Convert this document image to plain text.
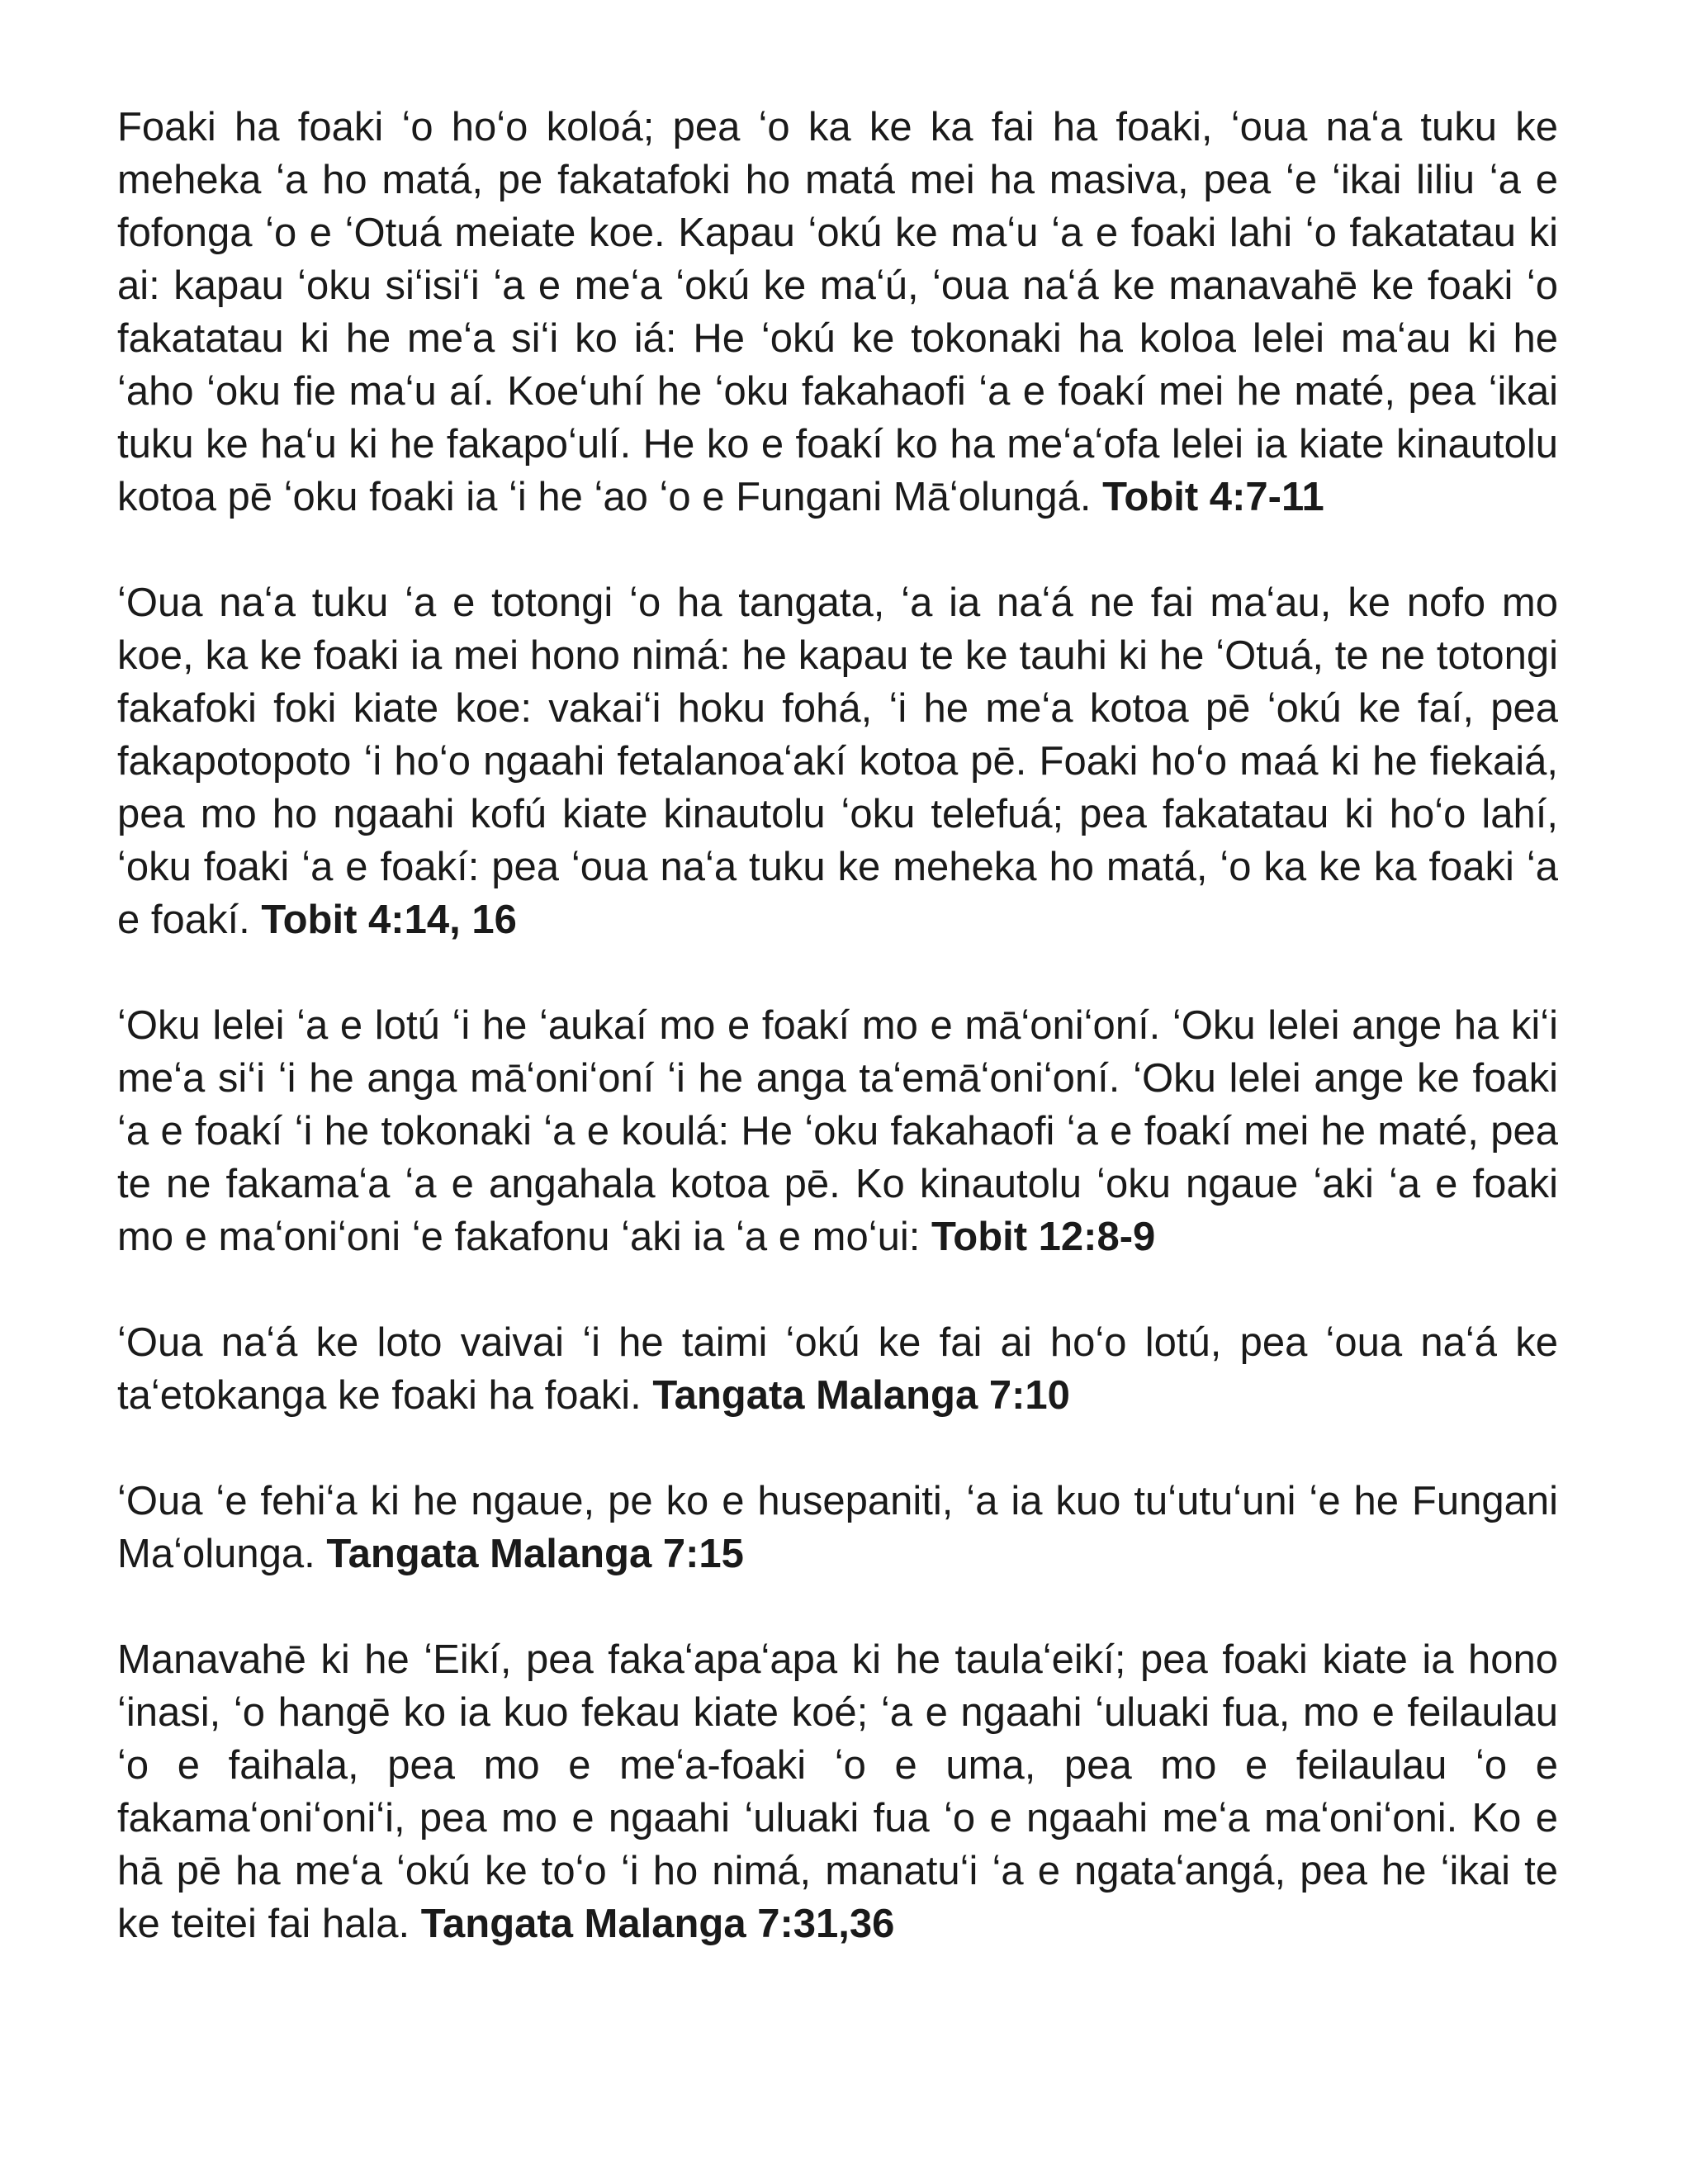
Foaki ha foaki ʻo hoʻo koloá; pea ʻo ka ke ka fai ha foaki, ʻoua naʻa tuku ke meheka ʻa ho matá, pe fakatafoki ho matá mei ha masiva, pea ʻe ʻikai liliu ʻa e fofonga ʻo e ʻOtuá meiate koe. Kapau ʻokú ke maʻu ʻa e foaki lahi ʻo fakatatau ki ai: kapau ʻoku siʻisiʻi ʻa e meʻa ʻokú ke maʻú, ʻoua naʻá ke manavahē ke foaki ʻo fakatatau ki he meʻa siʻi ko iá: He ʻokú ke tokonaki ha koloa lelei maʻau ki he ʻaho ʻoku fie maʻu aí. Koeʻuhí he ʻoku fakahaofi ʻa e foakí mei he maté, pea ʻikai tuku ke haʻu ki he fakapoʻulí. He ko e foakí ko ha meʻaʻofa lelei ia kiate kinautolu kotoa pē ʻoku foaki ia ʻi he ʻao ʻo e Fungani Māʻolungá. Tobit 4:7-11

ʻOua naʻa tuku ʻa e totongi ʻo ha tangata, ʻa ia naʻá ne fai maʻau, ke nofo mo koe, ka ke foaki ia mei hono nimá: he kapau te ke tauhi ki he ʻOtuá, te ne totongi fakafoki foki kiate koe: vakaiʻi hoku fohá, ʻi he meʻa kotoa pē ʻokú ke faí, pea fakapotopoto ʻi hoʻo ngaahi fetalanoaʻakí kotoa pē. Foaki hoʻo maá ki he fiekaiá, pea mo ho ngaahi kofú kiate kinautolu ʻoku telefuá; pea fakatatau ki hoʻo lahí, ʻoku foaki ʻa e foakí: pea ʻoua naʻa tuku ke meheka ho matá, ʻo ka ke ka foaki ʻa e foakí. Tobit 4:14, 16

ʻOku lelei ʻa e lotú ʻi he ʻaukaí mo e foakí mo e māʻoniʻoní. ʻOku lelei ange ha kiʻi meʻa siʻi ʻi he anga māʻoniʻoní ʻi he anga taʻemāʻoniʻoní. ʻOku lelei ange ke foaki ʻa e foakí ʻi he tokonaki ʻa e koulá: He ʻoku fakahaofi ʻa e foakí mei he maté, pea te ne fakamaʻa ʻa e angahala kotoa pē. Ko kinautolu ʻoku ngaue ʻaki ʻa e foaki mo e maʻoniʻoni ʻe fakafonu ʻaki ia ʻa e moʻui: Tobit 12:8-9

ʻOua naʻá ke loto vaivai ʻi he taimi ʻokú ke fai ai hoʻo lotú, pea ʻoua naʻá ke taʻetokanga ke foaki ha foaki. Tangata Malanga 7:10

ʻOua ʻe fehiʻa ki he ngaue, pe ko e husepaniti, ʻa ia kuo tuʻutuʻuni ʻe he Fungani Maʻolunga. Tangata Malanga 7:15

Manavahē ki he ʻEikí, pea fakaʻapaʻapa ki he taulaʻeikí; pea foaki kiate ia hono ʻinasi, ʻo hangē ko ia kuo fekau kiate koé; ʻa e ngaahi ʻuluaki fua, mo e feilaulau ʻo e faihala, pea mo e meʻa-foaki ʻo e uma, pea mo e feilaulau ʻo e fakamaʻoniʻoniʻi, pea mo e ngaahi ʻuluaki fua ʻo e ngaahi meʻa maʻoniʻoni. Ko e hā pē ha meʻa ʻokú ke toʻo ʻi ho nimá, manatuʻi ʻa e ngataʻangá, pea he ʻikai te ke teitei fai hala. Tangata Malanga 7:31,36
